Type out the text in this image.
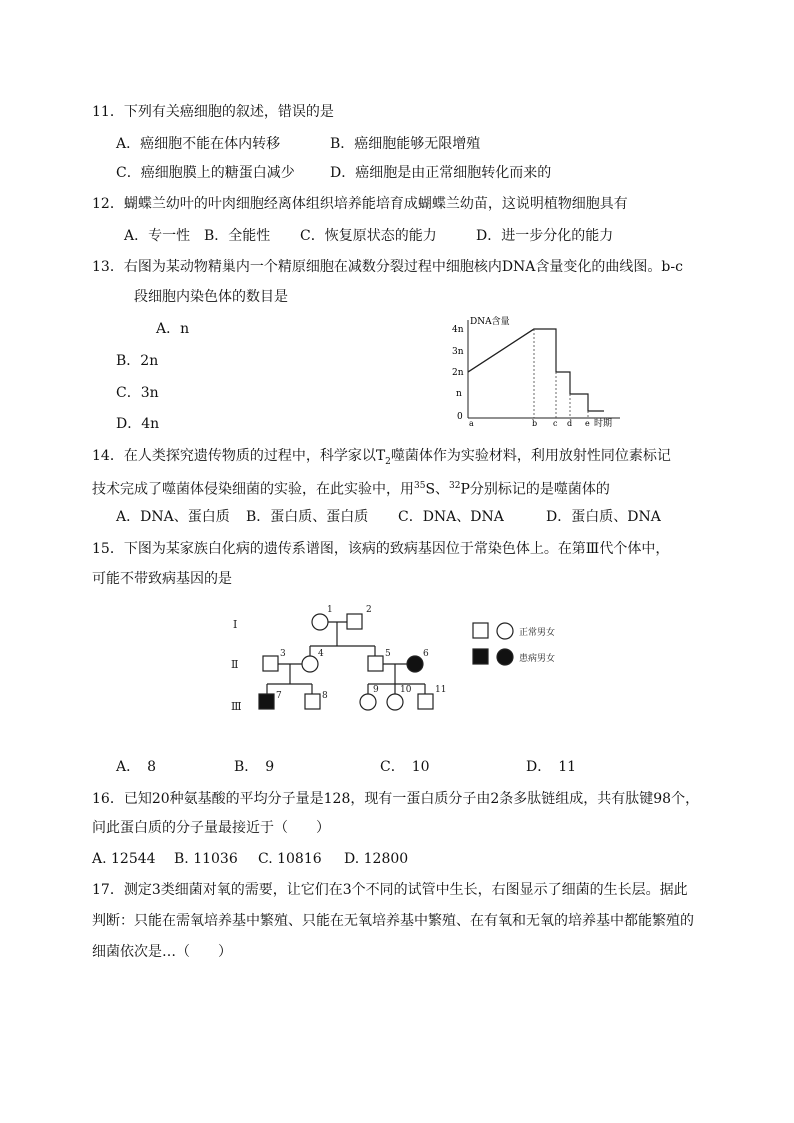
11．下列有关癌细胞的叙述，错误的是
A．癌细胞不能在体内转移	B．癌细胞能够无限增殖
C．癌细胞膜上的糖蛋白减少	D．癌细胞是由正常细胞转化而来的
12．蝴蝶兰幼叶的叶肉细胞经离体组织培养能培育成蝴蝶兰幼苗，这说明植物细胞具有
A．专一性 B．全能性 C．恢复原状态的能力	D．进一步分化的能力
13．右图为某动物精巢内一个精原细胞在减数分裂过程中细胞核内DNA含量变化的曲线图。b-c
段细胞内染色体的数目是
A．n
B．2n
C．3n
D．4n
DNA含量
4n
3n
2n
n
0
a	b c d e 时期
14．在人类探究遗传物质的过程中，科学家以$T_2$噬菌体作为实验材料，利用放射性同位素标记
技术完成了噬菌体侵染细菌的实验，在此实验中，用$^{35}$S、$^{32}$P分别标记的是噬菌体的
A．DNA、蛋白质 B．蛋白质、蛋白质 C．DNA、DNA	D．蛋白质、DNA
15．下图为某家族白化病的遗传系谱图，该病的致病基因位于常染色体上。在第Ⅲ代个体中，
可能不带致病基因的是
Ⅰ
Ⅱ
Ⅲ
1	2
3	4	5	6
7	8
9 10	11
正常男女
患病男女
A．　8	B．　9	C．　10	D．　11
16．已知20种氨基酸的平均分子量是128，现有一蛋白质分子由2条多肽链组成，共有肽键98个，
问此蛋白质的分子量最接近于（　　）
A. 12544 B. 11036 C. 10816 D. 12800
17．测定3类细菌对氧的需要，让它们在3个不同的试管中生长，右图显示了细菌的生长层。据此
判断：只能在需氧培养基中繁殖、只能在无氧培养基中繁殖、在有氧和无氧的培养基中都能繁殖的
细菌依次是…（　　）
